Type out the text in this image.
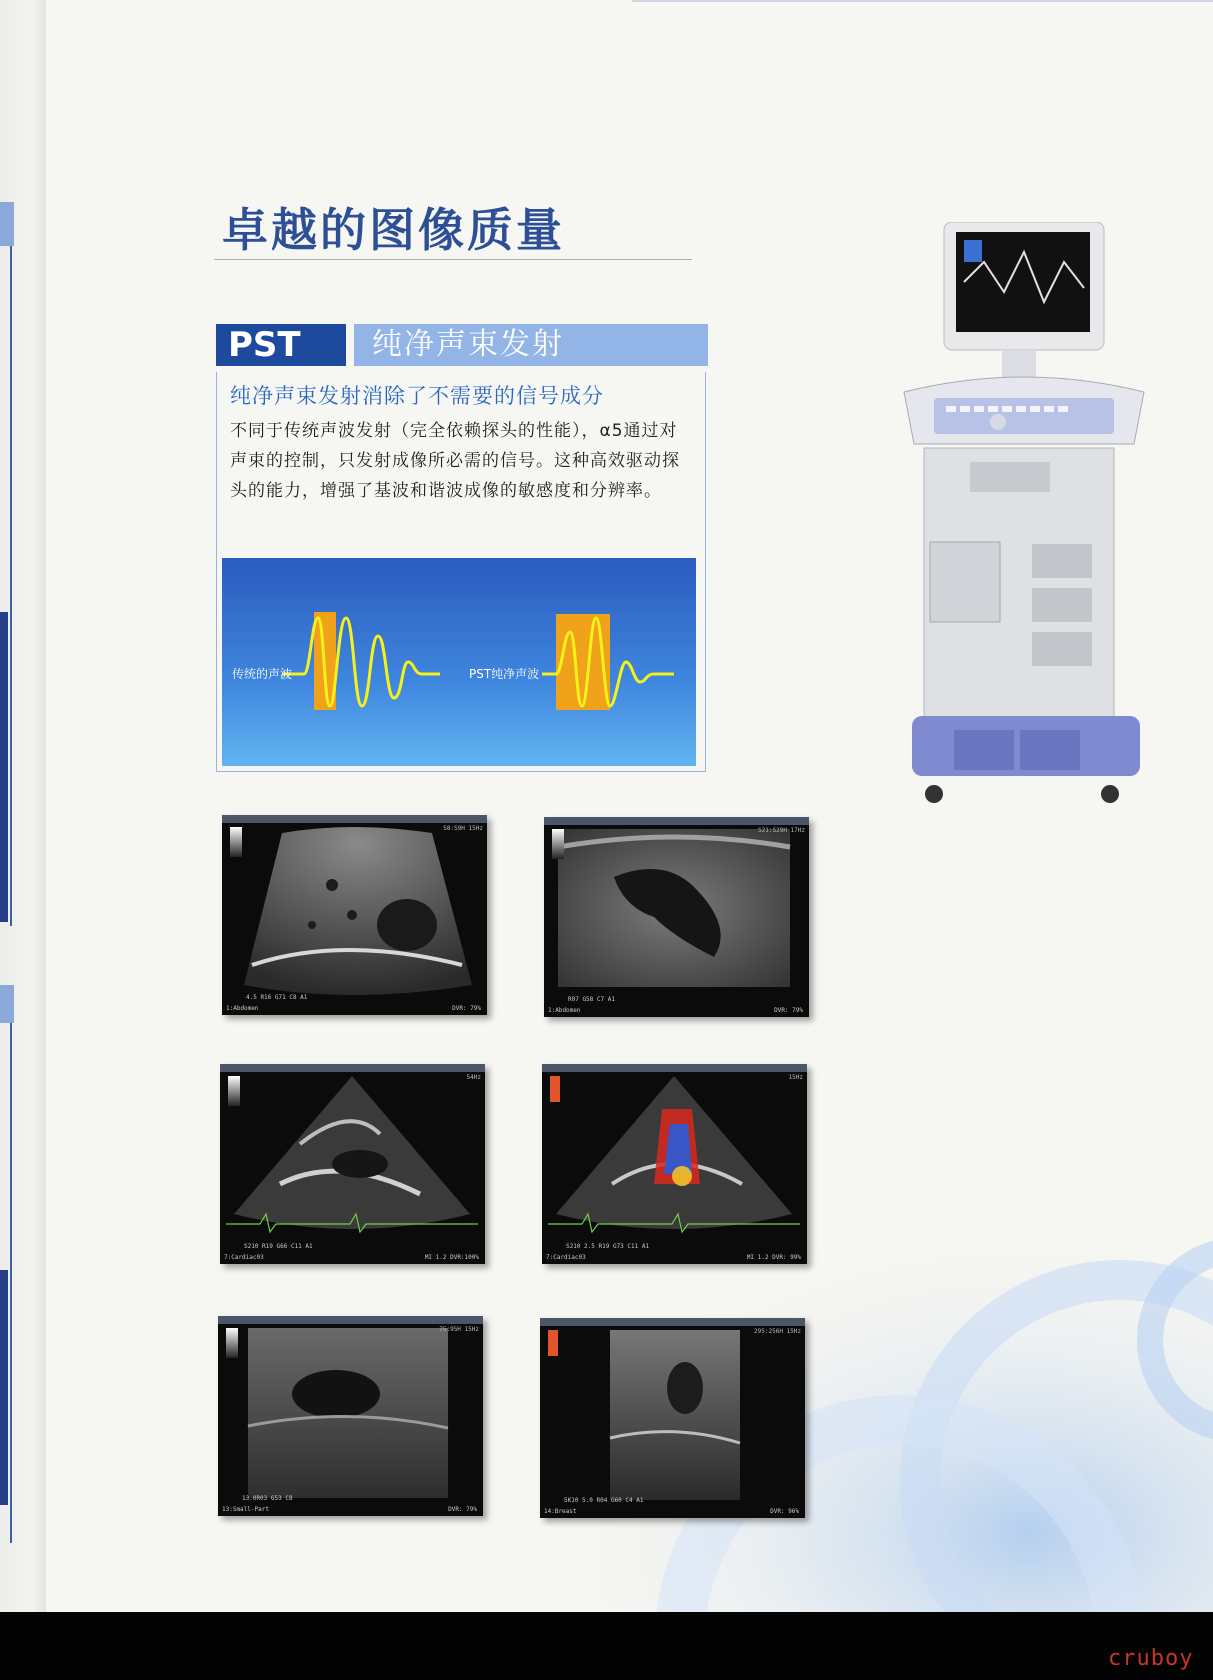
卓越的图像质量
PST	纯净声束发射
纯净声束发射消除了不需要的信号成分
不同于传统声波发射（完全依赖探头的性能），α5通过对
声束的控制，只发射成像所必需的信号。这种高效驱动探
头的能力，增强了基波和谐波成像的敏感度和分辨率。
传统的声波	PST纯净声波
S8:S9H 15Hz
4.5 R16 G71 C8 A1
1:Abdomen	DVR: 79%
S21:S29H 17Hz
R07 G58 C7 A1
1:Abdomen	DVR: 79%
54Hz
S210 R19 G66 C11 A1
7:Cardiac03	MI 1.2 DVR:100%
15Hz
S210 2.5 R19 G73 C11 A1
7:Cardiac03	MI 1.2 DVR: 99%
75:95H 15Hz
13.0R03 G53 C8
13:Small-Part	DVR: 79%
295:256H 15Hz
5K10 5.0 R04 G60 C4 A1
14:Breast	DVR: 96%
cruboy
